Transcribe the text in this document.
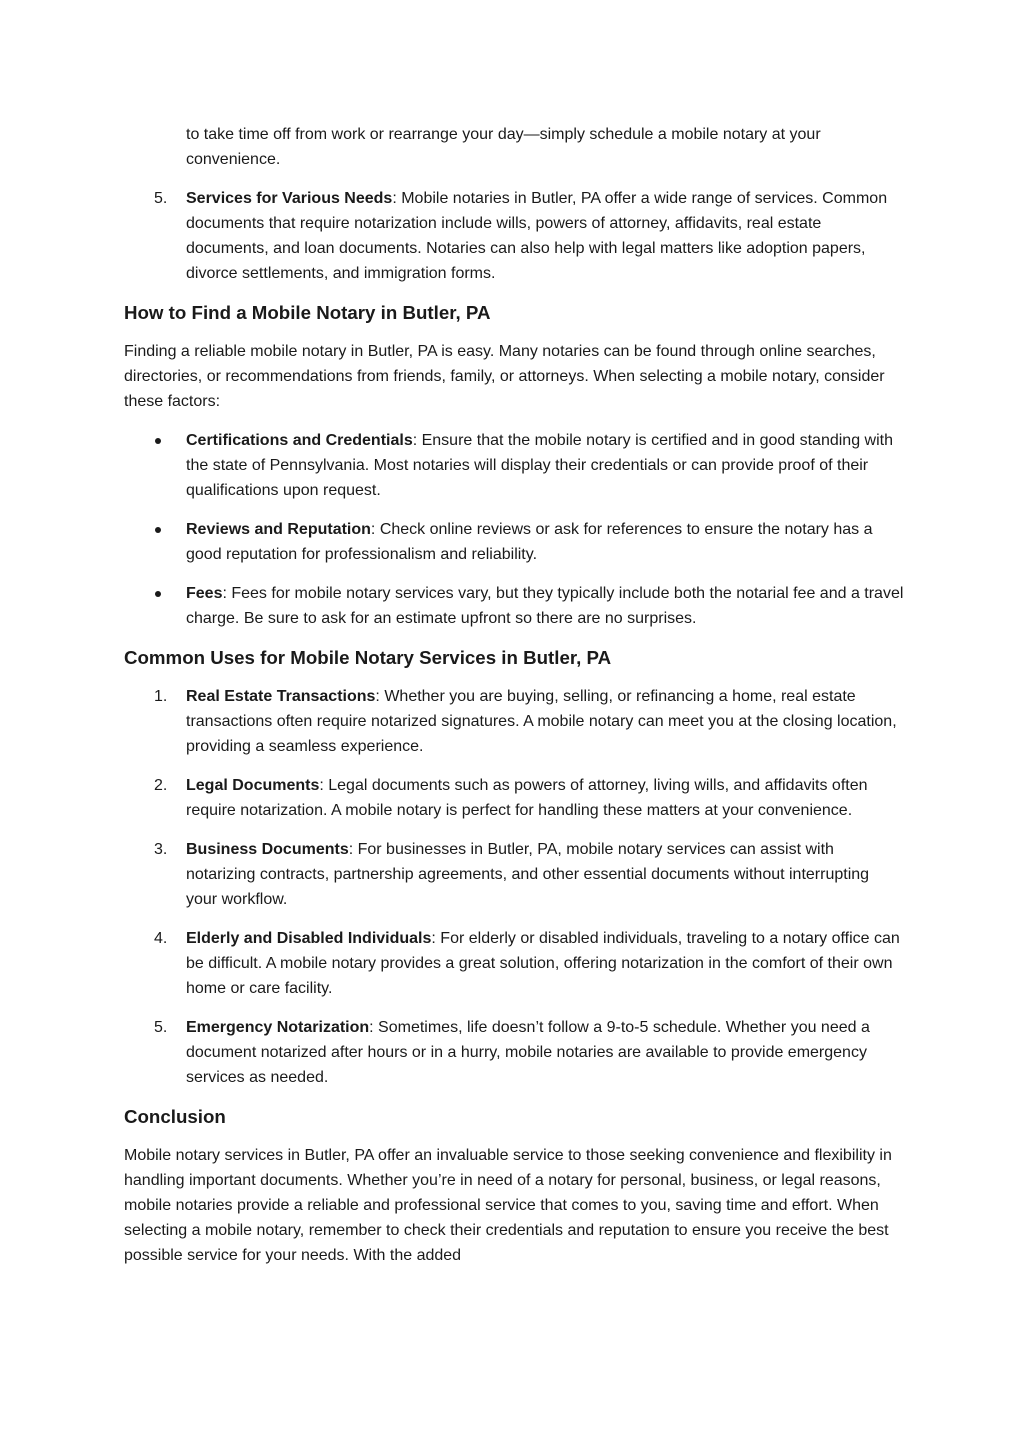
to take time off from work or rearrange your day—simply schedule a mobile notary at your convenience.

5.	Services for Various Needs: Mobile notaries in Butler, PA offer a wide range of services. Common documents that require notarization include wills, powers of attorney, affidavits, real estate documents, and loan documents. Notaries can also help with legal matters like adoption papers, divorce settlements, and immigration forms.
How to Find a Mobile Notary in Butler, PA

Finding a reliable mobile notary in Butler, PA is easy. Many notaries can be found through online searches, directories, or recommendations from friends, family, or attorneys. When selecting a mobile notary, consider these factors:

Certifications and Credentials: Ensure that the mobile notary is certified and in good standing with the state of Pennsylvania. Most notaries will display their credentials or can provide proof of their qualifications upon request.
Reviews and Reputation: Check online reviews or ask for references to ensure the notary has a good reputation for professionalism and reliability.
Fees: Fees for mobile notary services vary, but they typically include both the notarial fee and a travel charge. Be sure to ask for an estimate upfront so there are no surprises.
Common Uses for Mobile Notary Services in Butler, PA
1.	Real Estate Transactions: Whether you are buying, selling, or refinancing a home, real estate transactions often require notarized signatures. A mobile notary can meet you at the closing location, providing a seamless experience.
2.	Legal Documents: Legal documents such as powers of attorney, living wills, and affidavits often require notarization. A mobile notary is perfect for handling these matters at your convenience.
3.	Business Documents: For businesses in Butler, PA, mobile notary services can assist with notarizing contracts, partnership agreements, and other essential documents without interrupting your workflow.
4.	Elderly and Disabled Individuals: For elderly or disabled individuals, traveling to a notary office can be difficult. A mobile notary provides a great solution, offering notarization in the comfort of their own home or care facility.
5.	Emergency Notarization: Sometimes, life doesn’t follow a 9-to-5 schedule. Whether you need a document notarized after hours or in a hurry, mobile notaries are available to provide emergency services as needed.
Conclusion

Mobile notary services in Butler, PA offer an invaluable service to those seeking convenience and flexibility in handling important documents. Whether you’re in need of a notary for personal, business, or legal reasons, mobile notaries provide a reliable and professional service that comes to you, saving time and effort. When selecting a mobile notary, remember to check their credentials and reputation to ensure you receive the best possible service for your needs. With the added
